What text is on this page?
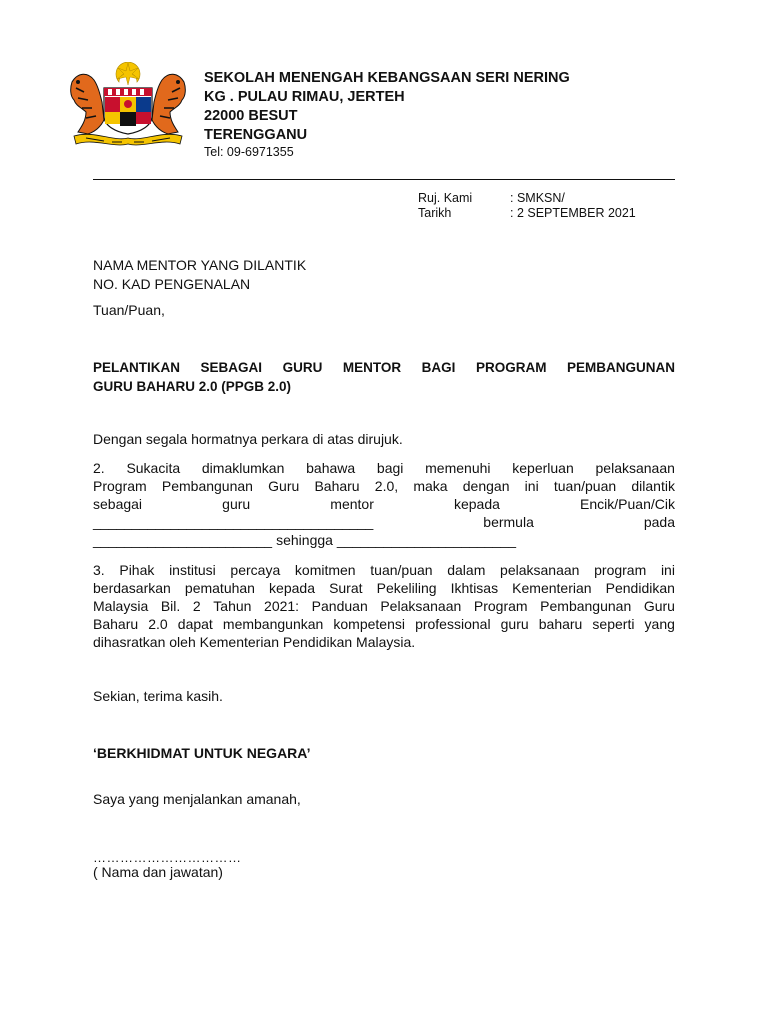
SEKOLAH MENENGAH KEBANGSAAN SERI NERING
KG . PULAU RIMAU, JERTEH
22000 BESUT
TERENGGANU
Tel: 09-6971355
Ruj. Kami	: SMKSN/
Tarikh	: 2 SEPTEMBER 2021
NAMA MENTOR YANG DILANTIK
NO. KAD PENGENALAN
Tuan/Puan,
PELANTIKAN SEBAGAI GURU MENTOR BAGI PROGRAM PEMBANGUNAN
GURU BAHARU 2.0 (PPGB 2.0)
Dengan segala hormatnya perkara di atas dirujuk.
2. Sukacita dimaklumkan bahawa bagi memenuhi keperluan pelaksanaan
Program Pembangunan Guru Baharu 2.0, maka dengan ini tuan/puan dilantik
sebagai	guru	mentor	kepada	Encik/Puan/Cik
____________________________________	bermula	pada
_______________________ sehingga _______________________
3. Pihak institusi percaya komitmen tuan/puan dalam pelaksanaan program ini
berdasarkan pematuhan kepada Surat Pekeliling Ikhtisas Kementerian Pendidikan
Malaysia Bil. 2 Tahun 2021: Panduan Pelaksanaan Program Pembangunan Guru
Baharu 2.0 dapat membangunkan kompetensi professional guru baharu seperti yang
dihasratkan oleh Kementerian Pendidikan Malaysia.
Sekian, terima kasih.
‘BERKHIDMAT UNTUK NEGARA’
Saya yang menjalankan amanah,
……………………………
( Nama dan jawatan)
